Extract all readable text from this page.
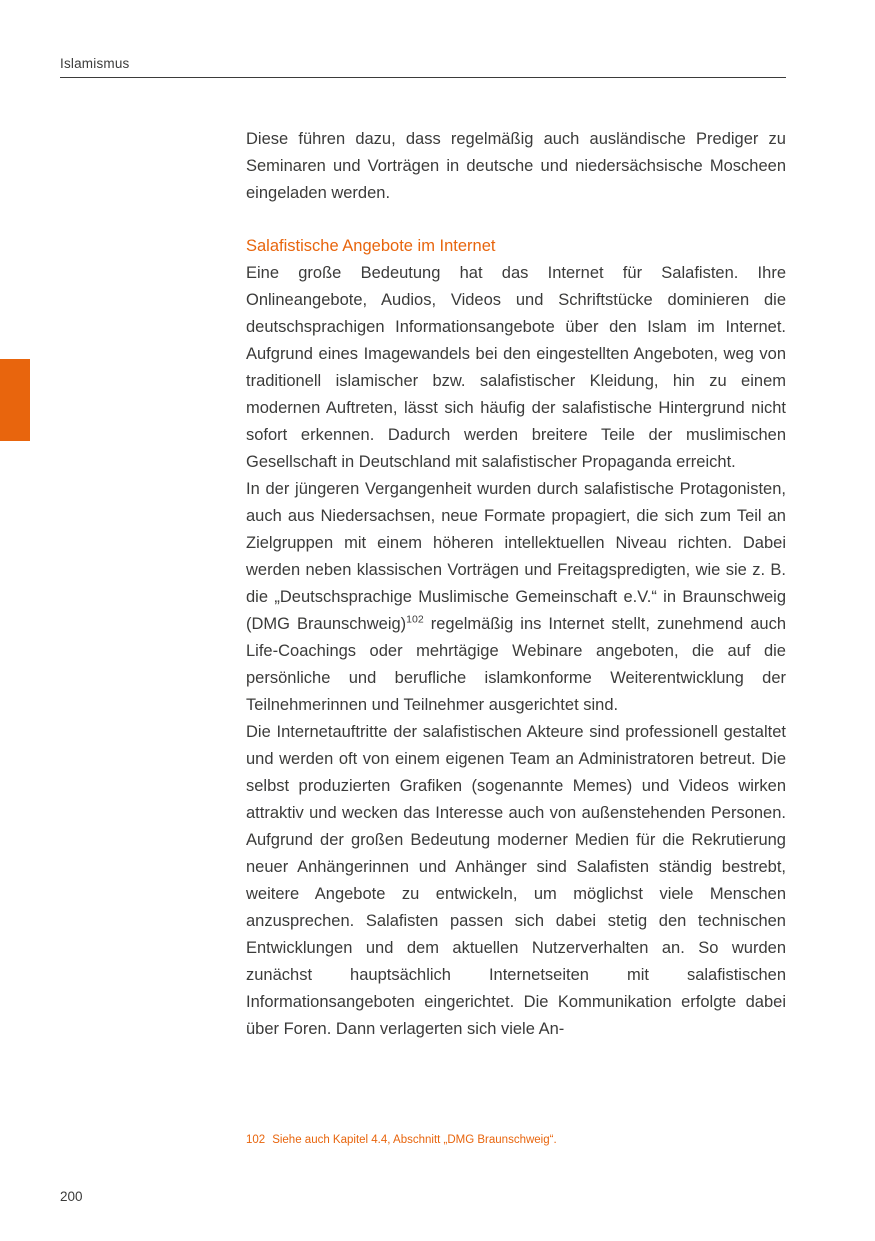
Islamismus

Diese führen dazu, dass regelmäßig auch ausländische Prediger zu Seminaren und Vorträgen in deutsche und niedersächsische Moscheen eingeladen werden.

Salafistische Angebote im Internet

Eine große Bedeutung hat das Internet für Salafisten. Ihre Onlineangebote, Audios, Videos und Schriftstücke dominieren die deutschsprachigen Informationsangebote über den Islam im Internet. Aufgrund eines Imagewandels bei den eingestellten Angeboten, weg von traditionell islamischer bzw. salafistischer Kleidung, hin zu einem modernen Auftreten, lässt sich häufig der salafistische Hintergrund nicht sofort erkennen. Dadurch werden breitere Teile der muslimischen Gesellschaft in Deutschland mit salafistischer Propaganda erreicht.

In der jüngeren Vergangenheit wurden durch salafistische Protagonisten, auch aus Niedersachsen, neue Formate propagiert, die sich zum Teil an Zielgruppen mit einem höheren intellektuellen Niveau richten. Dabei werden neben klassischen Vorträgen und Freitagspredigten, wie sie z. B. die „Deutschsprachige Muslimische Gemeinschaft e.V.“ in Braunschweig (DMG Braunschweig)$^{102}$ regelmäßig ins Internet stellt, zunehmend auch Life-Coachings oder mehrtägige Webinare angeboten, die auf die persönliche und berufliche islamkonforme Weiterentwicklung der Teilnehmerinnen und Teilnehmer ausgerichtet sind.

Die Internetauftritte der salafistischen Akteure sind professionell gestaltet und werden oft von einem eigenen Team an Administratoren betreut. Die selbst produzierten Grafiken (sogenannte Memes) und Videos wirken attraktiv und wecken das Interesse auch von außenstehenden Personen. Aufgrund der großen Bedeutung moderner Medien für die Rekrutierung neuer Anhängerinnen und Anhänger sind Salafisten ständig bestrebt, weitere Angebote zu entwickeln, um möglichst viele Menschen anzusprechen. Salafisten passen sich dabei stetig den technischen Entwicklungen und dem aktuellen Nutzerverhalten an. So wurden zunächst hauptsächlich Internetseiten mit salafistischen Informationsangeboten eingerichtet. Die Kommunikation erfolgte dabei über Foren. Dann verlagerten sich viele An-

102 Siehe auch Kapitel 4.4, Abschnitt „DMG Braunschweig“.
200
